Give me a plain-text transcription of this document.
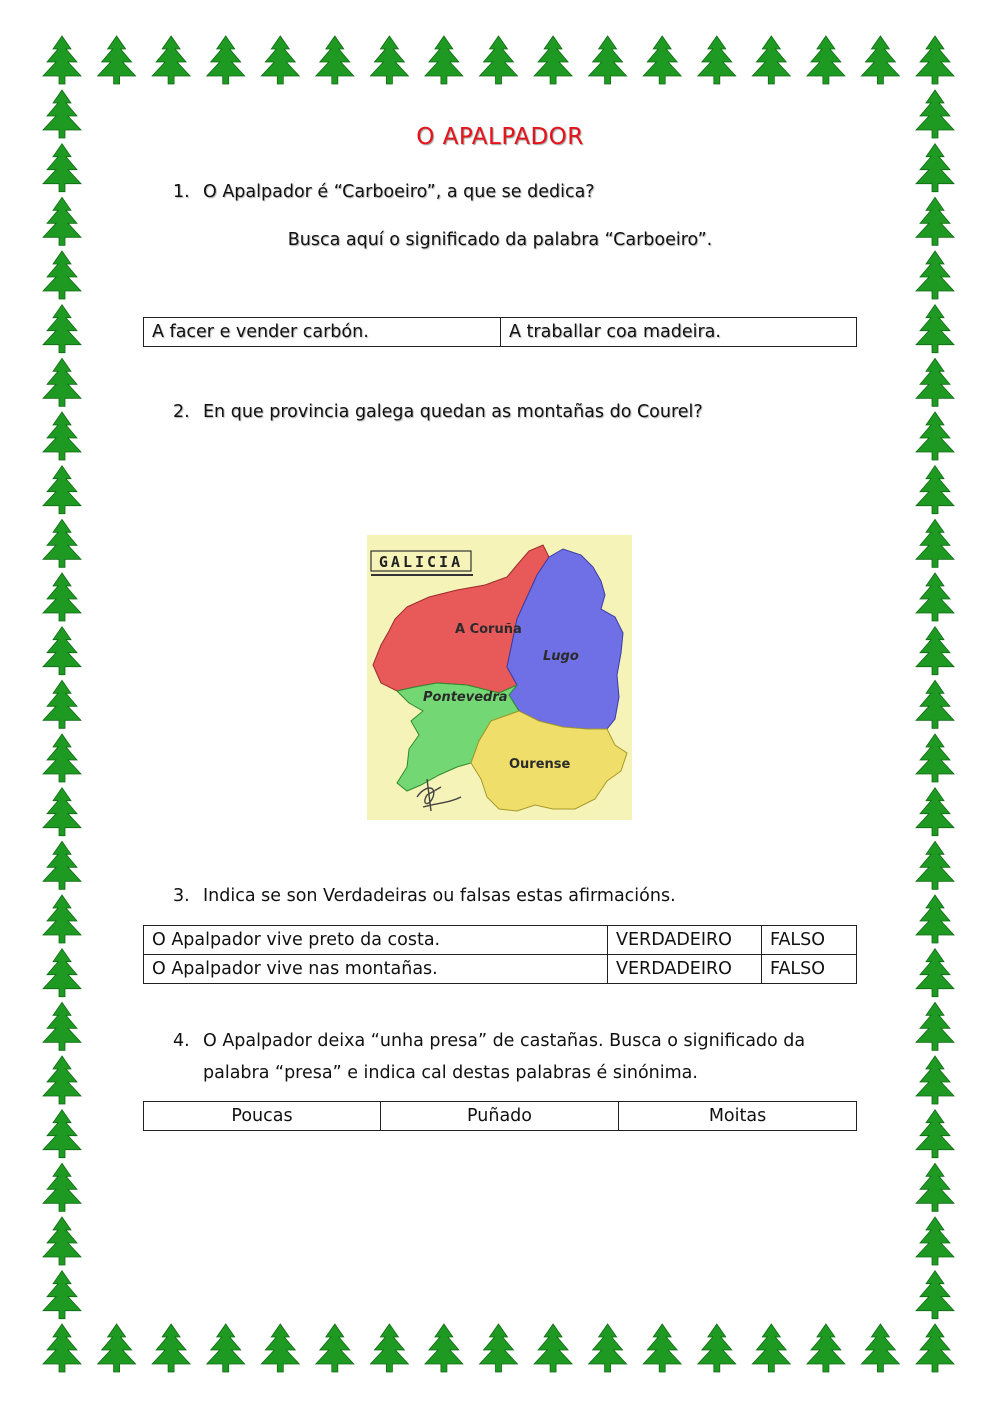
O APALPADOR
1. O Apalpador é “Carboeiro”, a que se dedica?
Busca aquí o significado da palabra “Carboeiro”.
A facer e vender carbón.	A traballar coa madeira.
2. En que provincia galega quedan as montañas do Courel?
GALICIA
A Coruña
Lugo
Pontevedra
Ourense
3. Indica se son Verdadeiras ou falsas estas afirmacións.
O Apalpador vive preto da costa.	VERDADEIRO	FALSO
O Apalpador vive nas montañas.	VERDADEIRO	FALSO
4. O Apalpador deixa “unha presa” de castañas. Busca o significado da
palabra “presa” e indica cal destas palabras é sinónima.
Poucas	Puñado	Moitas
